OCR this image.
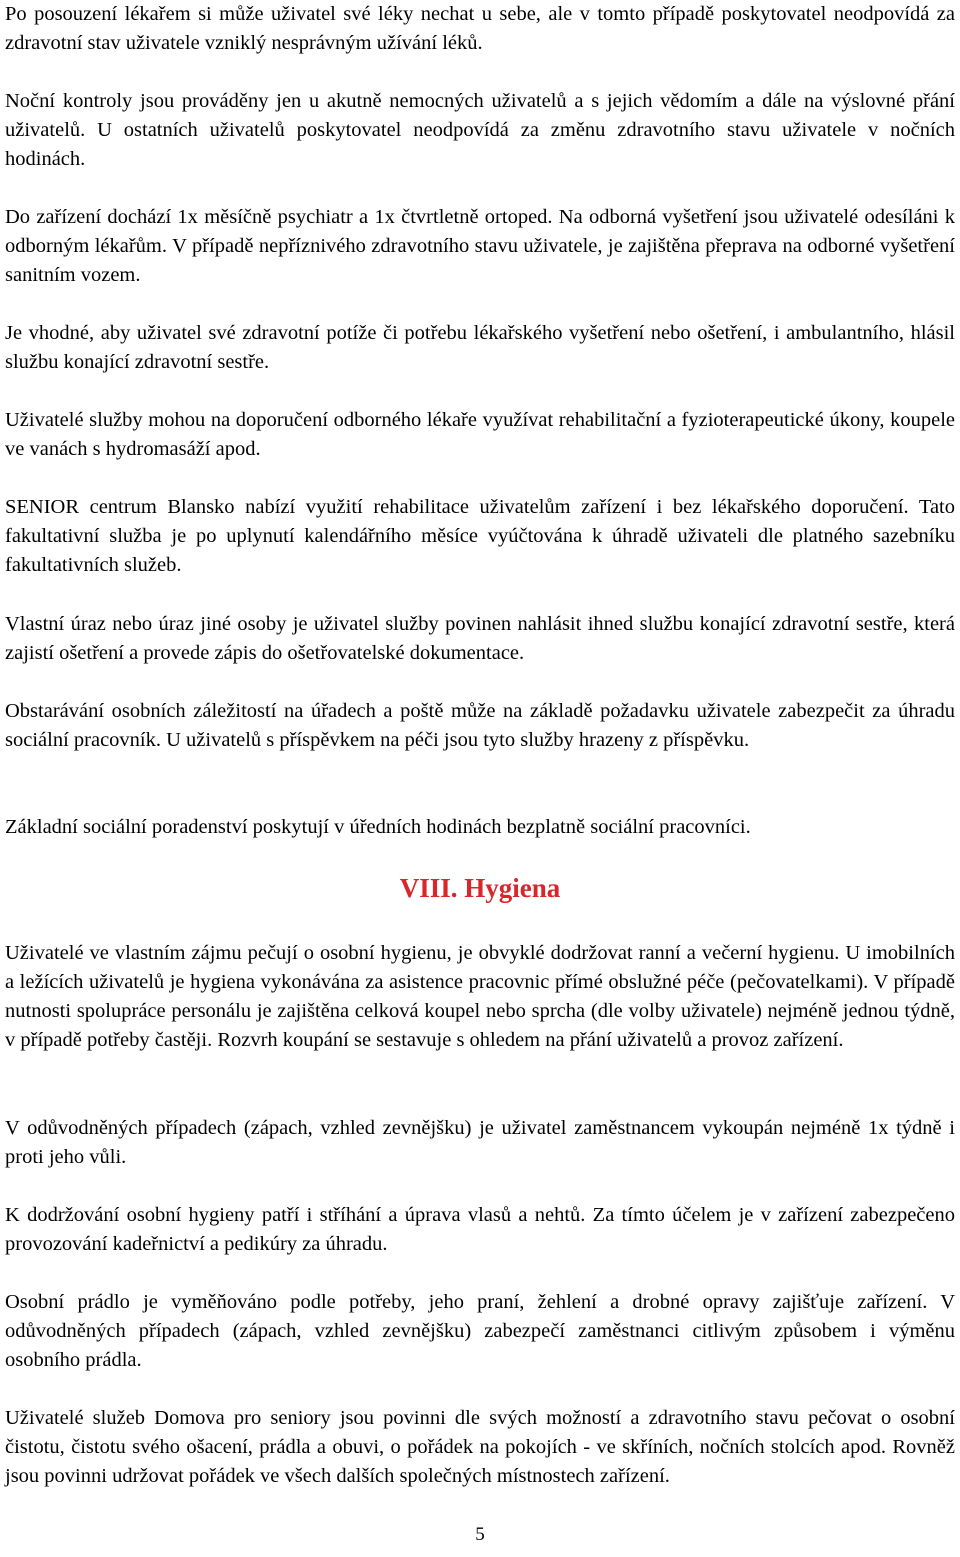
Po posouzení lékařem si může uživatel své léky nechat u sebe, ale v tomto případě poskytovatel neodpovídá za zdravotní stav uživatele vzniklý nesprávným užívání léků.

Noční kontroly jsou prováděny jen u akutně nemocných uživatelů a s jejich vědomím a dále na výslovné přání uživatelů. U ostatních uživatelů poskytovatel neodpovídá za změnu zdravotního stavu uživatele v nočních hodinách.

Do zařízení dochází 1x měsíčně psychiatr a 1x čtvrtletně ortoped. Na odborná vyšetření jsou uživatelé odesíláni k odborným lékařům. V případě nepříznivého zdravotního stavu uživatele, je zajištěna přeprava na odborné vyšetření sanitním vozem.

Je vhodné, aby uživatel své zdravotní potíže či potřebu lékařského vyšetření nebo ošetření, i ambulantního, hlásil službu konající zdravotní sestře.

Uživatelé služby mohou na doporučení odborného lékaře využívat rehabilitační a fyzioterapeutické úkony, koupele ve vanách s hydromasáží apod.

SENIOR centrum Blansko nabízí využití rehabilitace uživatelům zařízení i bez lékařského doporučení. Tato fakultativní služba je po uplynutí kalendářního měsíce vyúčtována k úhradě uživateli dle platného sazebníku fakultativních služeb.

Vlastní úraz nebo úraz jiné osoby je uživatel služby povinen nahlásit ihned službu konající zdravotní sestře, která zajistí ošetření a provede zápis do ošetřovatelské dokumentace.

Obstarávání osobních záležitostí na úřadech a poště může na základě požadavku uživatele zabezpečit za úhradu sociální pracovník. U uživatelů s příspěvkem na péči jsou tyto služby hrazeny z příspěvku.

Základní sociální poradenství poskytují v úředních hodinách bezplatně sociální pracovníci.

VIII. Hygiena

Uživatelé ve vlastním zájmu pečují o osobní hygienu, je obvyklé dodržovat ranní a večerní hygienu. U imobilních a ležících uživatelů je hygiena vykonávána za asistence pracovnic přímé obslužné péče (pečovatelkami). V případě nutnosti spolupráce personálu je zajištěna celková koupel nebo sprcha (dle volby uživatele) nejméně jednou týdně, v případě potřeby častěji. Rozvrh koupání se sestavuje s ohledem na přání uživatelů a provoz zařízení.

V odůvodněných případech (zápach, vzhled zevnějšku) je uživatel zaměstnancem vykoupán nejméně 1x týdně i proti jeho vůli.

K dodržování osobní hygieny patří i stříhání a úprava vlasů a nehtů. Za tímto účelem je v zařízení zabezpečeno provozování kadeřnictví a pedikúry za úhradu.

Osobní prádlo je vyměňováno podle potřeby, jeho praní, žehlení a drobné opravy zajišťuje zařízení. V odůvodněných případech (zápach, vzhled zevnějšku) zabezpečí zaměstnanci citlivým způsobem i výměnu osobního prádla.

Uživatelé služeb Domova pro seniory jsou povinni dle svých možností a zdravotního stavu pečovat o osobní čistotu, čistotu svého ošacení, prádla a obuvi, o pořádek na pokojích - ve skříních, nočních stolcích apod. Rovněž jsou povinni udržovat pořádek ve všech dalších společných místnostech zařízení.

5
